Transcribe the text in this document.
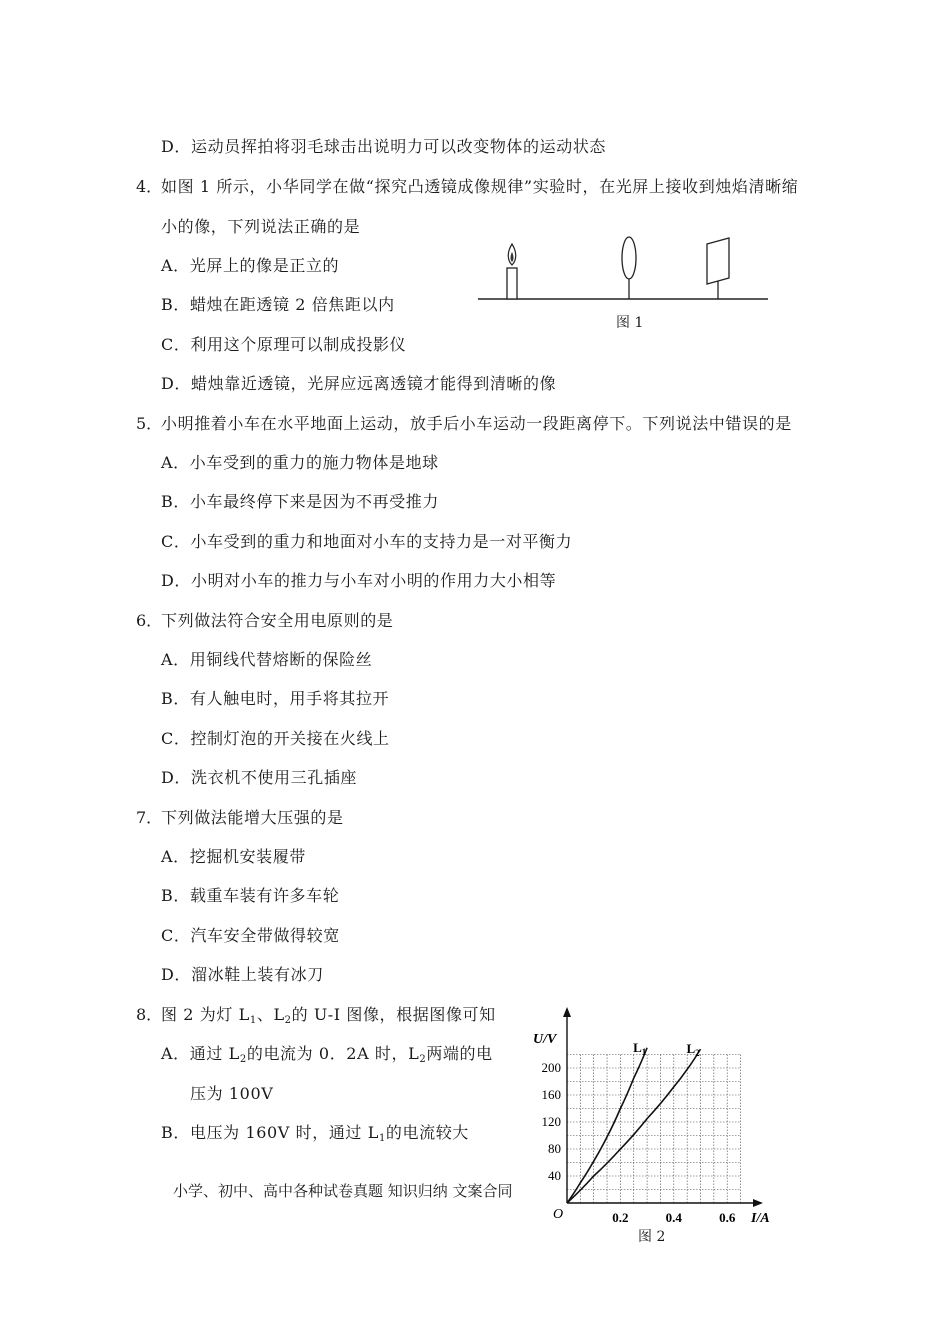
D．运动员挥拍将羽毛球击出说明力可以改变物体的运动状态
4．
如图 1 所示，小华同学在做“探究凸透镜成像规律”实验时，在光屏上接收到烛焰清晰缩
小的像，下列说法正确的是
A．光屏上的像是正立的
B．蜡烛在距透镜 2 倍焦距以内
C．利用这个原理可以制成投影仪
D．蜡烛靠近透镜，光屏应远离透镜才能得到清晰的像
图 1
5．
小明推着小车在水平地面上运动，放手后小车运动一段距离停下。下列说法中错误的是
A．小车受到的重力的施力物体是地球
B．小车最终停下来是因为不再受推力
C．小车受到的重力和地面对小车的支持力是一对平衡力
D．小明对小车的推力与小车对小明的作用力大小相等
6．
下列做法符合安全用电原则的是
A．用铜线代替熔断的保险丝
B．有人触电时，用手将其拉开
C．控制灯泡的开关接在火线上
D．洗衣机不使用三孔插座
7．
下列做法能增大压强的是
A．挖掘机安装履带
B．载重车装有许多车轮
C．汽车安全带做得较宽
D．溜冰鞋上装有冰刀
8．
图 2 为灯 $L_1$、$L_2$的 U-I 图像，根据图像可知
A．通过 $L_2$的电流为 0．2A 时，$L_2$两端的电
压为 100V
B．电压为 160V 时，通过 $L_1$的电流较大
40
80
120
160
200
0.2	0.4	0.6
O
U/V
I/A
$L_1$	$L_2$
图 2
小学、初中、高中各种试卷真题 知识归纳 文案合同
